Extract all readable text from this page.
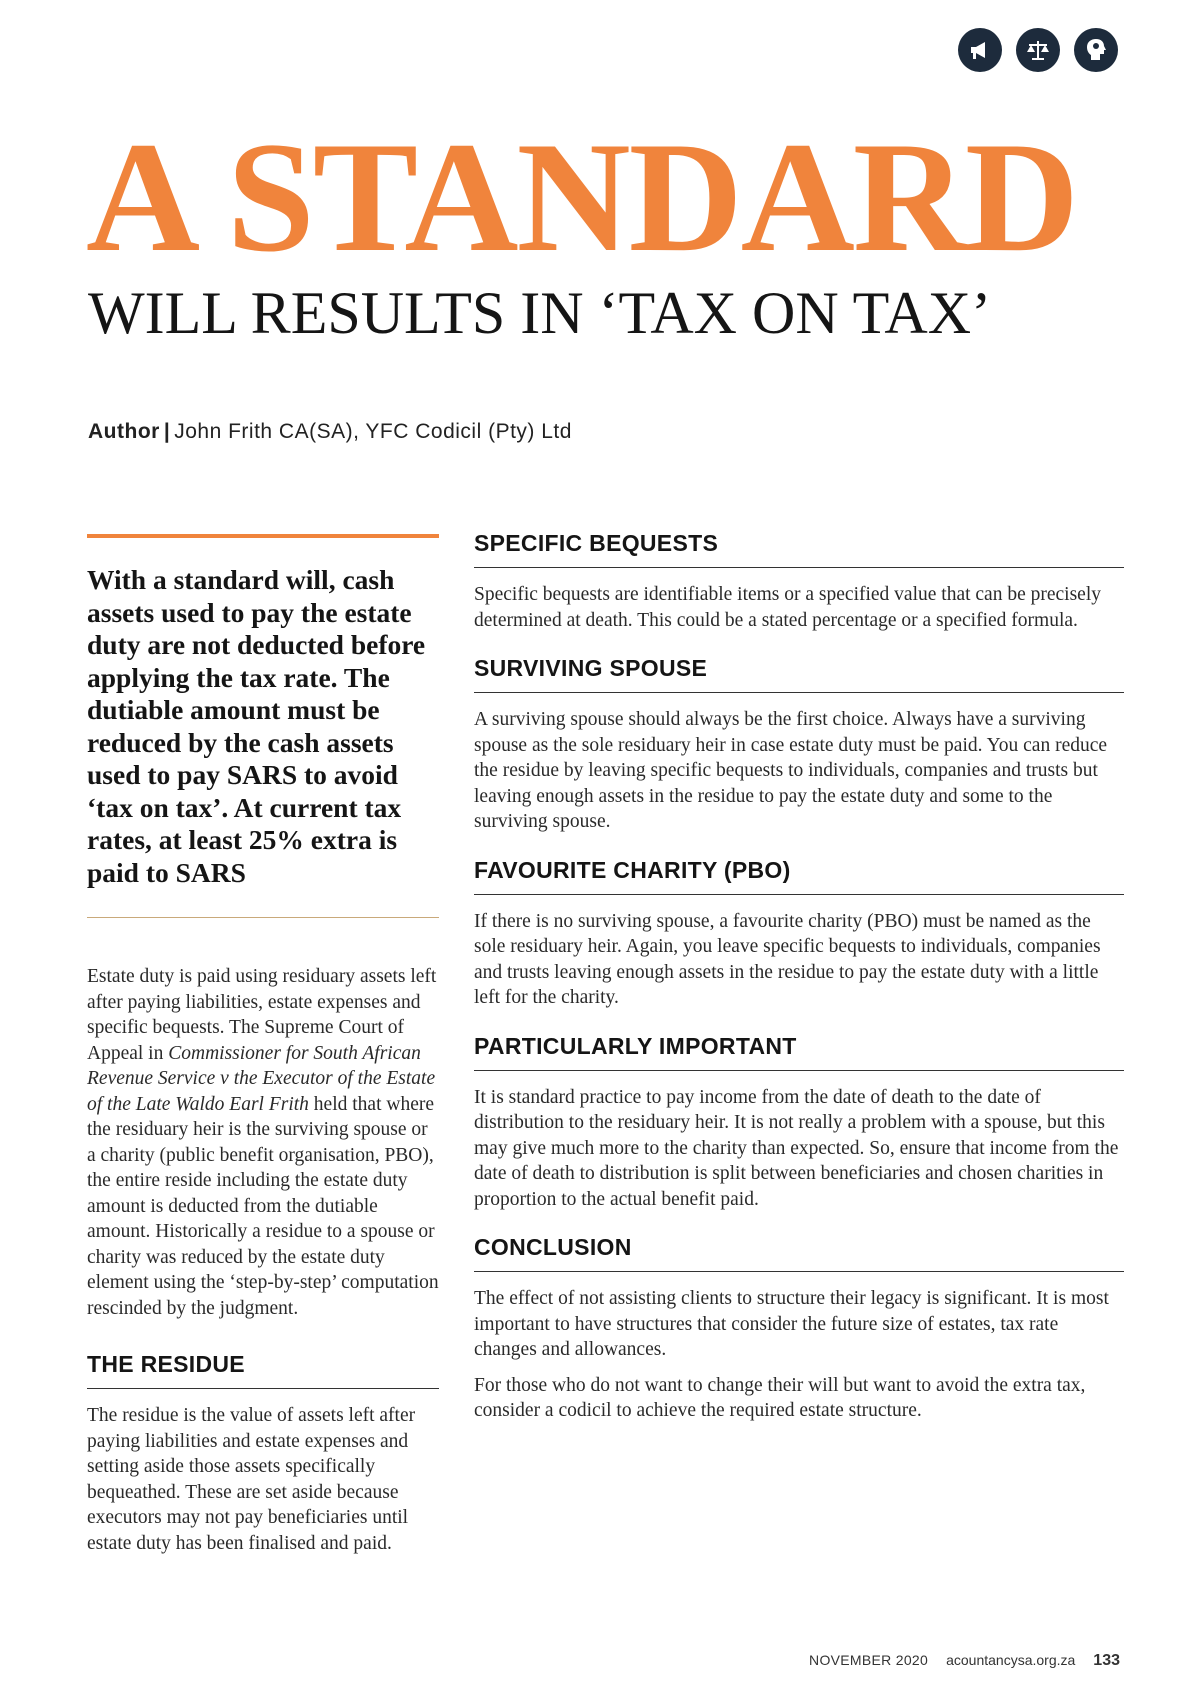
A STANDARD
WILL RESULTS IN ‘TAX ON TAX’
Author | John Frith CA(SA), YFC Codicil (Pty) Ltd
With a standard will, cash assets used to pay the estate duty are not deducted before applying the tax rate. The dutiable amount must be reduced by the cash assets used to pay SARS to avoid ‘tax on tax’. At current tax rates, at least 25% extra is paid to SARS
Estate duty is paid using residuary assets left after paying liabilities, estate expenses and specific bequests. The Supreme Court of Appeal in Commissioner for South African Revenue Service v the Executor of the Estate of the Late Waldo Earl Frith held that where the residuary heir is the surviving spouse or a charity (public benefit organisation, PBO), the entire reside including the estate duty amount is deducted from the dutiable amount. Historically a residue to a spouse or charity was reduced by the estate duty element using the ‘step-by-step’ computation rescinded by the judgment.
THE RESIDUE
The residue is the value of assets left after paying liabilities and estate expenses and setting aside those assets specifically bequeathed. These are set aside because executors may not pay beneficiaries until estate duty has been finalised and paid.
SPECIFIC BEQUESTS

Specific bequests are identifiable items or a specified value that can be precisely determined at death. This could be a stated percentage or a specified formula.

SURVIVING SPOUSE

A surviving spouse should always be the first choice. Always have a surviving spouse as the sole residuary heir in case estate duty must be paid. You can reduce the residue by leaving specific bequests to individuals, companies and trusts but leaving enough assets in the residue to pay the estate duty and some to the surviving spouse.

FAVOURITE CHARITY (PBO)

If there is no surviving spouse, a favourite charity (PBO) must be named as the sole residuary heir. Again, you leave specific bequests to individuals, companies and trusts leaving enough assets in the residue to pay the estate duty with a little left for the charity.

PARTICULARLY IMPORTANT

It is standard practice to pay income from the date of death to the date of distribution to the residuary heir. It is not really a problem with a spouse, but this may give much more to the charity than expected. So, ensure that income from the date of death to distribution is split between beneficiaries and chosen charities in proportion to the actual benefit paid.

CONCLUSION

The effect of not assisting clients to structure their legacy is significant. It is most important to have structures that consider the future size of estates, tax rate changes and allowances.

For those who do not want to change their will but want to avoid the extra tax, consider a codicil to achieve the required estate structure.

NOVEMBER 2020 acountancysa.org.za 133
